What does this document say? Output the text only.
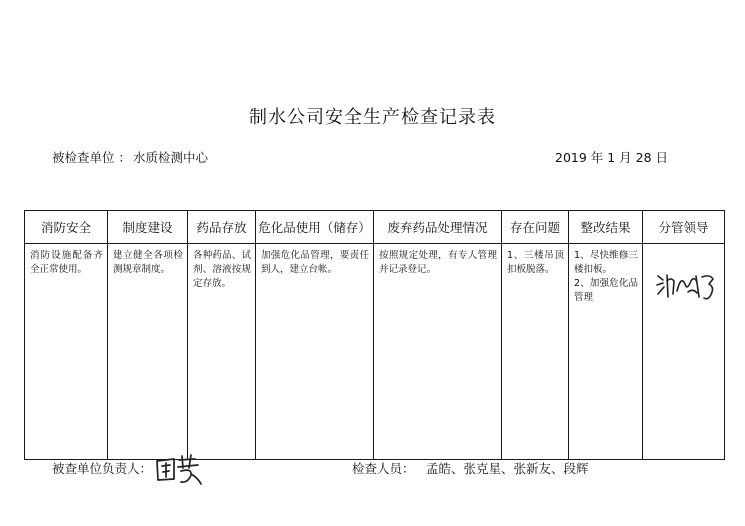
制水公司安全生产检查记录表
被检查单位 ： 水质检测中心	2019 年 1 月 28 日
消防安全	制度建设	药品存放	危化品使用（储存）	废弃药品处理情况	存在问题	整改结果	分管领导
消防设施配备齐全正常使用。	建立健全各项检测规章制度。	各种药品、试剂、溶液按规定存放。	加强危化品管理，要责任到人，建立台帐。	按照规定处理，有专人管理并记录登记。	1、三楼吊顶扣板脱落。	1、尽快维修三楼扣板。
2、加强危化品管理

被查单位负责人：	检查人员： 孟皓、张克星、张新友、段辉
